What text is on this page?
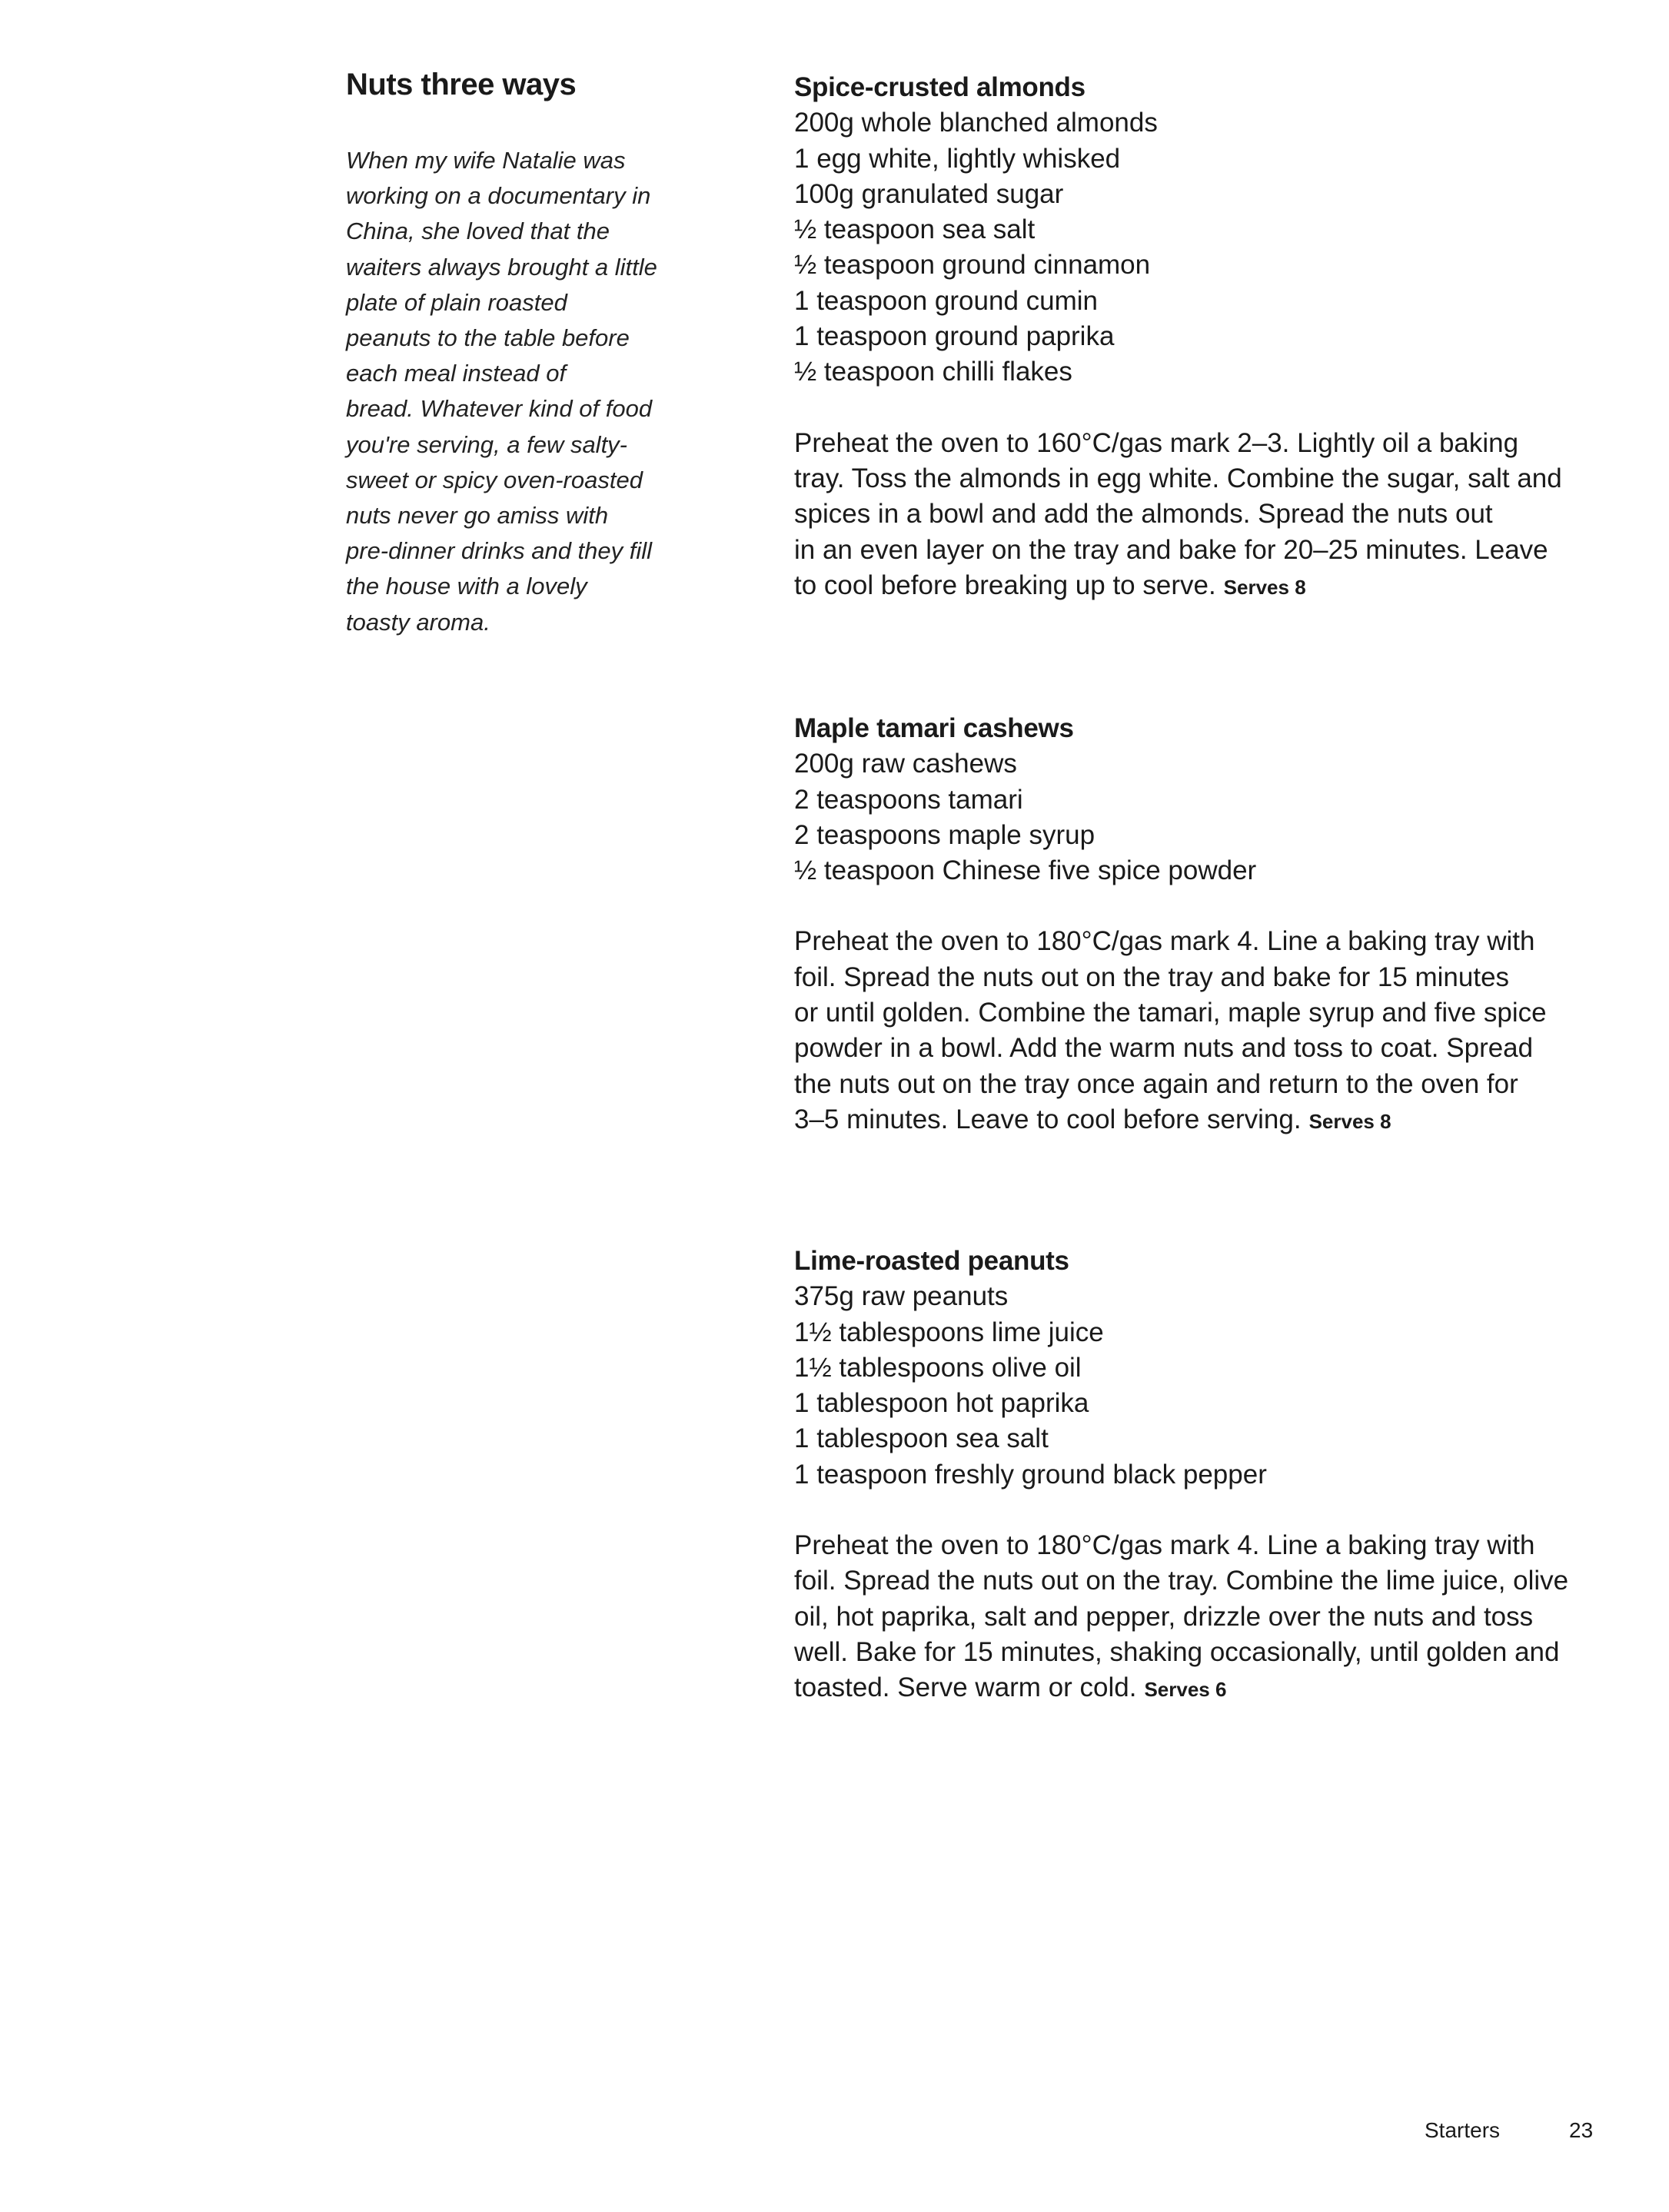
Nuts three ways
When my wife Natalie was
working on a documentary in
China, she loved that the
waiters always brought a little
plate of plain roasted
peanuts to the table before
each meal instead of
bread. Whatever kind of food
you're serving, a few salty-
sweet or spicy oven-roasted
nuts never go amiss with
pre-dinner drinks and they fill
the house with a lovely
toasty aroma.
Spice-crusted almonds
200g whole blanched almonds
1 egg white, lightly whisked
100g granulated sugar
½ teaspoon sea salt
½ teaspoon ground cinnamon
1 teaspoon ground cumin
1 teaspoon ground paprika
½ teaspoon chilli flakes
Preheat the oven to 160°C/gas mark 2–3. Lightly oil a baking
tray. Toss the almonds in egg white. Combine the sugar, salt and
spices in a bowl and add the almonds. Spread the nuts out
in an even layer on the tray and bake for 20–25 minutes. Leave
to cool before breaking up to serve. Serves 8
Maple tamari cashews
200g raw cashews
2 teaspoons tamari
2 teaspoons maple syrup
½ teaspoon Chinese five spice powder
Preheat the oven to 180°C/gas mark 4. Line a baking tray with
foil. Spread the nuts out on the tray and bake for 15 minutes
or until golden. Combine the tamari, maple syrup and five spice
powder in a bowl. Add the warm nuts and toss to coat. Spread
the nuts out on the tray once again and return to the oven for
3–5 minutes. Leave to cool before serving. Serves 8
Lime-roasted peanuts
375g raw peanuts
1½ tablespoons lime juice
1½ tablespoons olive oil
1 tablespoon hot paprika
1 tablespoon sea salt
1 teaspoon freshly ground black pepper
Preheat the oven to 180°C/gas mark 4. Line a baking tray with
foil. Spread the nuts out on the tray. Combine the lime juice, olive
oil, hot paprika, salt and pepper, drizzle over the nuts and toss
well. Bake for 15 minutes, shaking occasionally, until golden and
toasted. Serve warm or cold. Serves 6
Starters	23
